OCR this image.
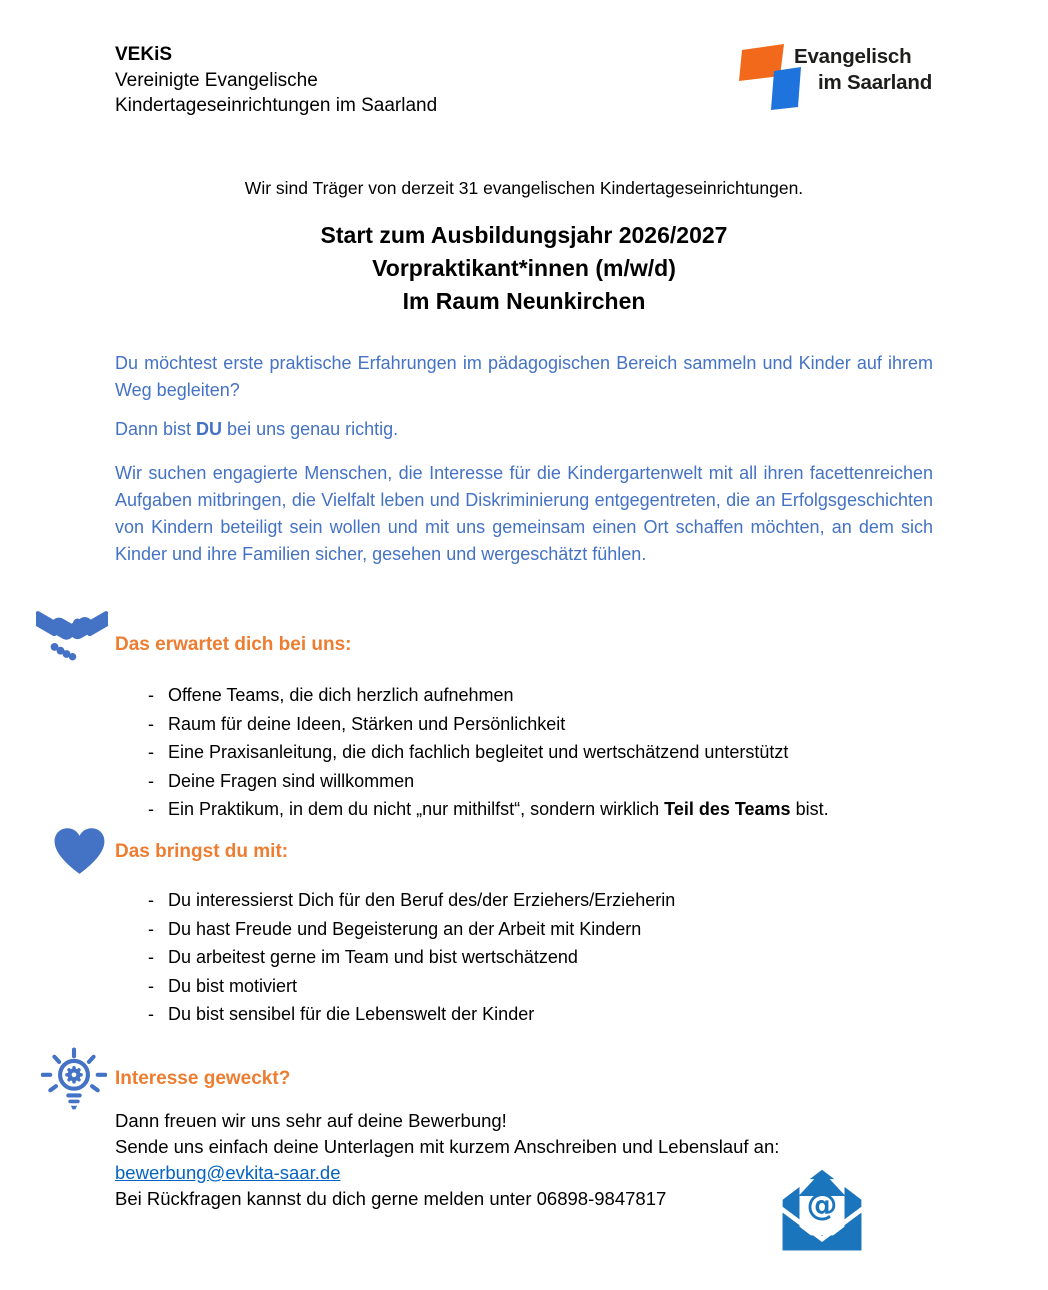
VEKiS
Vereinigte Evangelische
Kindertageseinrichtungen im Saarland
Evangelisch
im Saarland
Wir sind Träger von derzeit 31 evangelischen Kindertageseinrichtungen.
Start zum Ausbildungsjahr 2026/2027
Vorpraktikant*innen (m/w/d)
Im Raum Neunkirchen

Du möchtest erste praktische Erfahrungen im pädagogischen Bereich sammeln und Kinder auf ihrem Weg begleiten?

Dann bist DU bei uns genau richtig.

Wir suchen engagierte Menschen, die Interesse für die Kindergartenwelt mit all ihren facettenreichen Aufgaben mitbringen, die Vielfalt leben und Diskriminierung entgegentreten, die an Erfolgsgeschichten von Kindern beteiligt sein wollen und mit uns gemeinsam einen Ort schaffen möchten, an dem sich Kinder und ihre Familien sicher, gesehen und wergeschätzt fühlen.

Das erwartet dich bei uns:
- Offene Teams, die dich herzlich aufnehmen
- Raum für deine Ideen, Stärken und Persönlichkeit
- Eine Praxisanleitung, die dich fachlich begleitet und wertschätzend unterstützt
- Deine Fragen sind willkommen
- Ein Praktikum, in dem du nicht „nur mithilfst“, sondern wirklich Teil des Teams bist.
Das bringst du mit:
- Du interessierst Dich für den Beruf des/der Erziehers/Erzieherin
- Du hast Freude und Begeisterung an der Arbeit mit Kindern
- Du arbeitest gerne im Team und bist wertschätzend
- Du bist motiviert
- Du bist sensibel für die Lebenswelt der Kinder
Interesse geweckt?
Dann freuen wir uns sehr auf deine Bewerbung!
Sende uns einfach deine Unterlagen mit kurzem Anschreiben und Lebenslauf an:
bewerbung@evkita-saar.de
Bei Rückfragen kannst du dich gerne melden unter 06898-9847817	@
